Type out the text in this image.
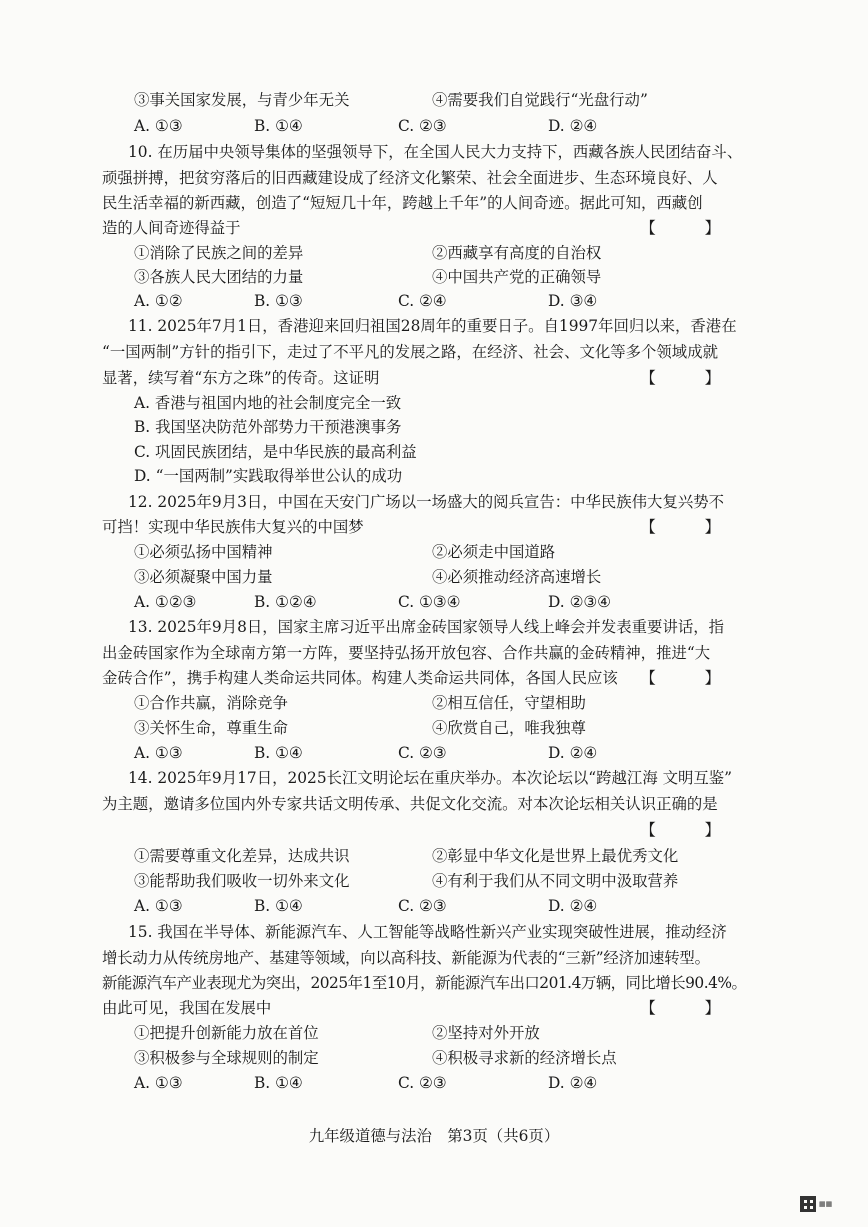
③事关国家发展，与青少年无关	④需要我们自觉践行“光盘行动”
A. ①③	B. ①④	C. ②③	D. ②④
10. 在历届中央领导集体的坚强领导下，在全国人民大力支持下，西藏各族人民团结奋斗、
顽强拼搏，把贫穷落后的旧西藏建设成了经济文化繁荣、社会全面进步、生态环境良好、人
民生活幸福的新西藏，创造了“短短几十年，跨越上千年”的人间奇迹。据此可知，西藏创
造的人间奇迹得益于	【 】
①消除了民族之间的差异	②西藏享有高度的自治权
③各族人民大团结的力量	④中国共产党的正确领导
A. ①②	B. ①③	C. ②④	D. ③④
11. 2025年7月1日，香港迎来回归祖国28周年的重要日子。自1997年回归以来，香港在
“一国两制”方针的指引下，走过了不平凡的发展之路，在经济、社会、文化等多个领域成就
显著，续写着“东方之珠”的传奇。这证明	【 】
A. 香港与祖国内地的社会制度完全一致
B. 我国坚决防范外部势力干预港澳事务
C. 巩固民族团结，是中华民族的最高利益
D. “一国两制”实践取得举世公认的成功
12. 2025年9月3日，中国在天安门广场以一场盛大的阅兵宣告：中华民族伟大复兴势不
可挡！实现中华民族伟大复兴的中国梦	【 】
①必须弘扬中国精神	②必须走中国道路
③必须凝聚中国力量	④必须推动经济高速增长
A. ①②③	B. ①②④	C. ①③④	D. ②③④
13. 2025年9月8日，国家主席习近平出席金砖国家领导人线上峰会并发表重要讲话，指
出金砖国家作为全球南方第一方阵，要坚持弘扬开放包容、合作共赢的金砖精神，推进“大
金砖合作”，携手构建人类命运共同体。构建人类命运共同体，各国人民应该 【 】
①合作共赢，消除竞争	②相互信任，守望相助
③关怀生命，尊重生命	④欣赏自己，唯我独尊
A. ①③	B. ①④	C. ②③	D. ②④
14. 2025年9月17日，2025长江文明论坛在重庆举办。本次论坛以“跨越江海 文明互鉴”
为主题，邀请多位国内外专家共话文明传承、共促文化交流。对本次论坛相关认识正确的是
【 】
①需要尊重文化差异，达成共识	②彰显中华文化是世界上最优秀文化
③能帮助我们吸收一切外来文化	④有利于我们从不同文明中汲取营养
A. ①③	B. ①④	C. ②③	D. ②④
15. 我国在半导体、新能源汽车、人工智能等战略性新兴产业实现突破性进展，推动经济
增长动力从传统房地产、基建等领域，向以高科技、新能源为代表的“三新”经济加速转型。
新能源汽车产业表现尤为突出，2025年1至10月，新能源汽车出口201.4万辆，同比增长90.4%。
由此可见，我国在发展中	【 】
①把提升创新能力放在首位	②坚持对外开放
③积极参与全球规则的制定	④积极寻求新的经济增长点
A. ①③	B. ①④	C. ②③	D. ②④
九年级道德与法治　第3页（共6页）
▦▦
